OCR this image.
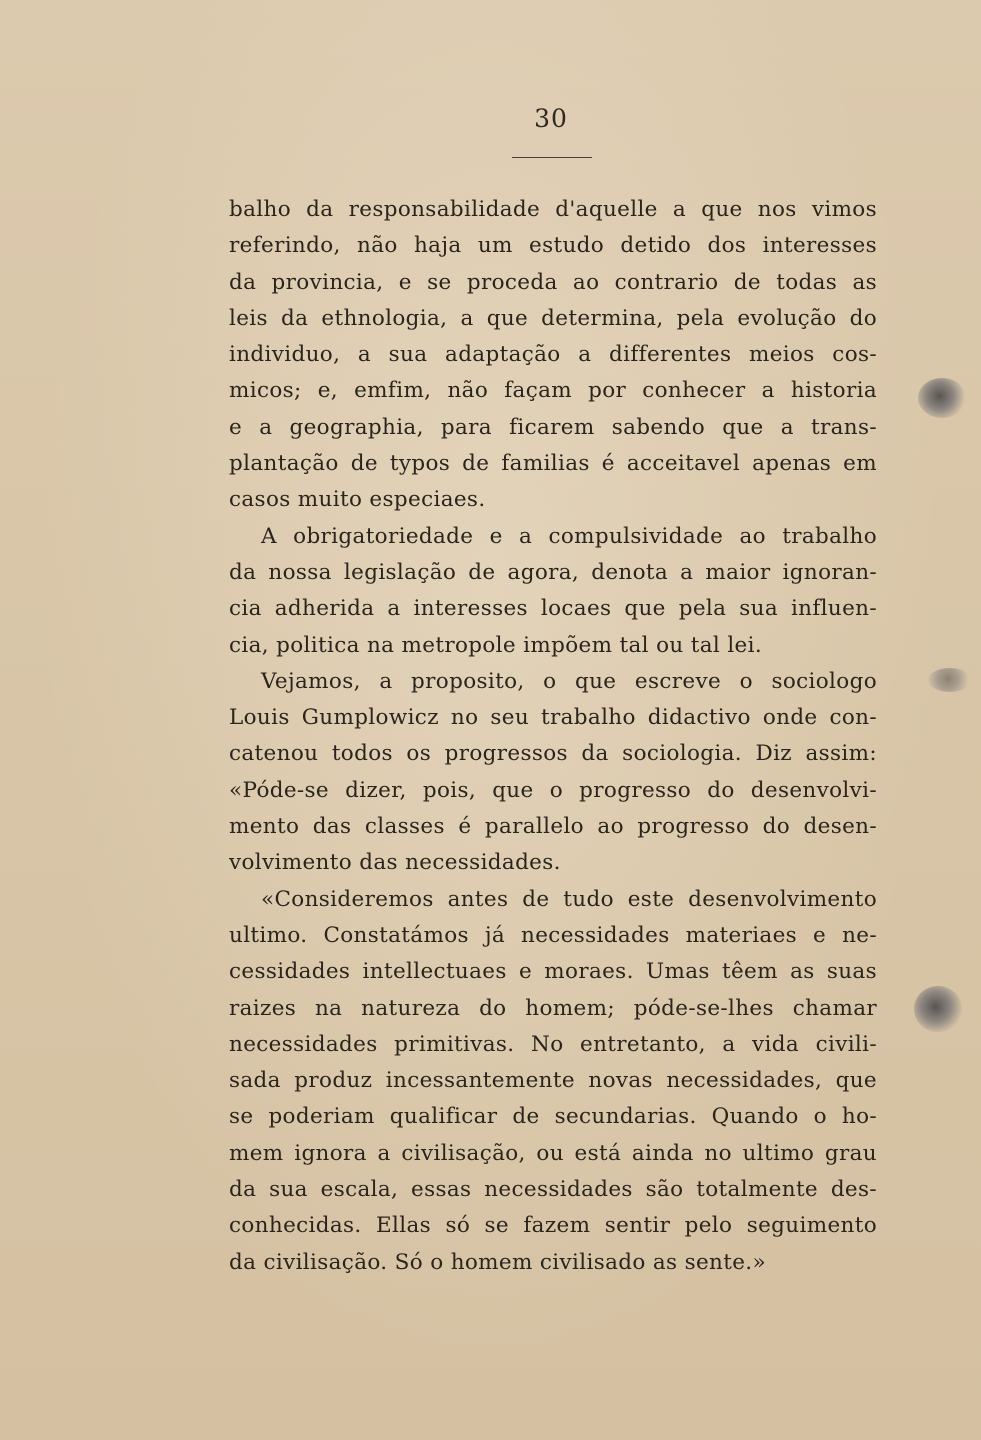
30
balho da responsabilidade d'aquelle a que nos vimos
referindo, não haja um estudo detido dos interesses
da provincia, e se proceda ao contrario de todas as
leis da ethnologia, a que determina, pela evolução do
individuo, a sua adaptação a differentes meios cos-
micos; e, emfim, não façam por conhecer a historia
e a geographia, para ficarem sabendo que a trans-
plantação de typos de familias é acceitavel apenas em
casos muito especiaes.
A obrigatoriedade e a compulsividade ao trabalho
da nossa legislação de agora, denota a maior ignoran-
cia adherida a interesses locaes que pela sua influen-
cia, politica na metropole impõem tal ou tal lei.
Vejamos, a proposito, o que escreve o sociologo
Louis Gumplowicz no seu trabalho didactivo onde con-
catenou todos os progressos da sociologia. Diz assim:
«Póde-se dizer, pois, que o progresso do desenvolvi-
mento das classes é parallelo ao progresso do desen-
volvimento das necessidades.
«Consideremos antes de tudo este desenvolvimento
ultimo. Constatámos já necessidades materiaes e ne-
cessidades intellectuaes e moraes. Umas têem as suas
raizes na natureza do homem; póde-se-lhes chamar
necessidades primitivas. No entretanto, a vida civili-
sada produz incessantemente novas necessidades, que
se poderiam qualificar de secundarias. Quando o ho-
mem ignora a civilisação, ou está ainda no ultimo grau
da sua escala, essas necessidades são totalmente des-
conhecidas. Ellas só se fazem sentir pelo seguimento
da civilisação. Só o homem civilisado as sente.»
